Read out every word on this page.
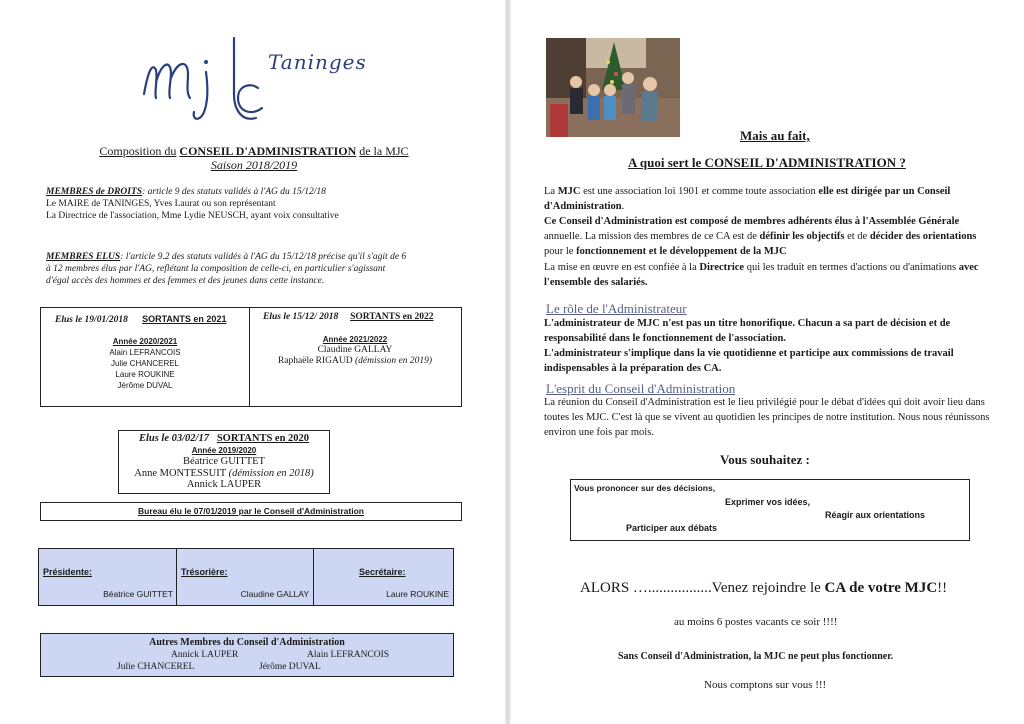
Taninges
Composition du CONSEIL D'ADMINISTRATION de la MJC
Saison 2018/2019
MEMBRES de DROITS: article 9 des statuts validés à l'AG du 15/12/18
Le MAIRE de TANINGES, Yves Laurat ou son représentant
La Directrice de l'association, Mme Lydie NEUSCH, ayant voix consultative
MEMBRES ELUS: l'article 9.2 des statuts validés à l'AG du 15/12/18 précise qu'il s'agit de 6
à 12 membres élus par l'AG, reflétant la composition de celle-ci, en particulier s'agissant
d'égal accès des hommes et des femmes et des jeunes dans cette instance.
Elus le 19/01/2018 SORTANTS en 2021
Année 2020/2021
Alain LEFRANCOIS
Julie CHANCEREL
Laure ROUKINE
Jérôme DUVAL
Elus le 15/12/ 2018 SORTANTS en 2022
Année 2021/2022
Claudine GALLAY
Raphaële RIGAUD (démission en 2019)
Elus le 03/02/17 SORTANTS en 2020
Année 2019/2020
Béatrice GUITTET
Anne MONTESSUIT (démission en 2018)
Annick LAUPER
Bureau élu le 07/01/2019 par le Conseil d'Administration
Présidente:
Béatrice GUITTET
Trésorière:
Claudine GALLAY
Secrétaire:
Laure ROUKINE
Autres Membres du Conseil d'Administration
Annick LAUPER	Alain LEFRANCOIS
Julie CHANCEREL	Jérôme DUVAL
Mais au fait,
A quoi sert le CONSEIL D'ADMINISTRATION ?
La MJC est une association loi 1901 et comme toute association elle est dirigée par un Conseil d'Administration.
Ce Conseil d'Administration est composé de membres adhérents élus à l'Assemblée Générale annuelle. La mission des membres de ce CA est de définir les objectifs et de décider des orientations pour le fonctionnement et le développement de la MJC
La mise en œuvre en est confiée à la Directrice qui les traduit en termes d'actions ou d'animations avec l'ensemble des salariés.
Le rôle de l'Administrateur
L'administrateur de MJC n'est pas un titre honorifique. Chacun a sa part de décision et de responsabilité dans le fonctionnement de l'association.
L'administrateur s'implique dans la vie quotidienne et participe aux commissions de travail indispensables à la préparation des CA.
L'esprit du Conseil d'Administration
La réunion du Conseil d'Administration est le lieu privilégié pour le débat d'idées qui doit avoir lieu dans toutes les MJC. C'est là que se vivent au quotidien les principes de notre institution. Nous nous réunissons environ une fois par mois.
Vous souhaitez :
Vous prononcer sur des décisions,
Exprimer vos idées,
Réagir aux orientations
Participer aux débats
ALORS ….................Venez rejoindre le CA de votre MJC!!
au moins 6 postes vacants ce soir !!!!
Sans Conseil d'Administration, la MJC ne peut plus fonctionner.
Nous comptons sur vous !!!
